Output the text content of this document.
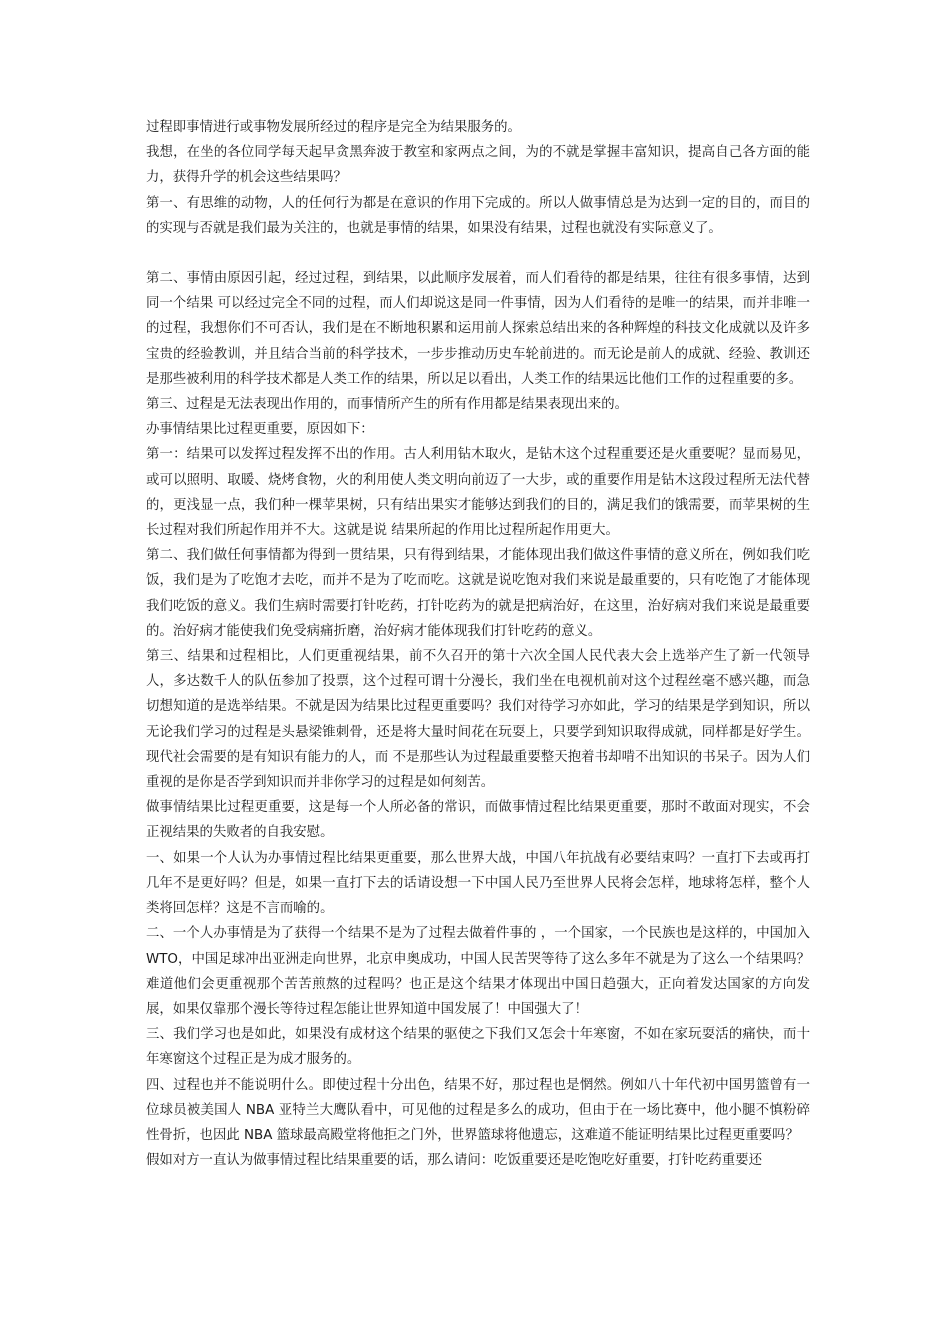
过程即事情进行或事物发展所经过的程序是完全为结果服务的。

我想，在坐的各位同学每天起早贪黑奔波于教室和家两点之间，为的不就是掌握丰富知识，提高自己各方面的能力，获得升学的机会这些结果吗？

第一、有思维的动物，人的任何行为都是在意识的作用下完成的。所以人做事情总是为达到一定的目的，而目的的实现与否就是我们最为关注的，也就是事情的结果，如果没有结果，过程也就没有实际意义了。

第二、事情由原因引起，经过过程，到结果，以此顺序发展着，而人们看待的都是结果，往往有很多事情，达到同一个结果 可以经过完全不同的过程，而人们却说这是同一件事情，因为人们看待的是唯一的结果，而并非唯一的过程，我想你们不可否认，我们是在不断地积累和运用前人探索总结出来的各种辉煌的科技文化成就以及许多宝贵的经验教训，并且结合当前的科学技术，一步步推动历史车轮前进的。而无论是前人的成就、经验、教训还是那些被利用的科学技术都是人类工作的结果，所以足以看出，人类工作的结果远比他们工作的过程重要的多。

第三、过程是无法表现出作用的，而事情所产生的所有作用都是结果表现出来的。

办事情结果比过程更重要，原因如下：

第一：结果可以发挥过程发挥不出的作用。古人利用钻木取火，是钻木这个过程重要还是火重要呢？显而易见，或可以照明、取暖、烧烤食物，火的利用使人类文明向前迈了一大步，或的重要作用是钻木这段过程所无法代替的，更浅显一点，我们种一棵苹果树，只有结出果实才能够达到我们的目的，满足我们的饿需要，而苹果树的生长过程对我们所起作用并不大。这就是说 结果所起的作用比过程所起作用更大。

第二、我们做任何事情都为得到一贯结果，只有得到结果，才能体现出我们做这件事情的意义所在，例如我们吃饭，我们是为了吃饱才去吃，而并不是为了吃而吃。这就是说吃饱对我们来说是最重要的，只有吃饱了才能体现我们吃饭的意义。我们生病时需要打针吃药，打针吃药为的就是把病治好，在这里，治好病对我们来说是最重要的。治好病才能使我们免受病痛折磨，治好病才能体现我们打针吃药的意义。

第三、结果和过程相比，人们更重视结果，前不久召开的第十六次全国人民代表大会上选举产生了新一代领导人，多达数千人的队伍参加了投票，这个过程可谓十分漫长，我们坐在电视机前对这个过程丝毫不感兴趣，而急切想知道的是选举结果。不就是因为结果比过程更重要吗？我们对待学习亦如此，学习的结果是学到知识，所以无论我们学习的过程是头悬梁锥刺骨，还是将大量时间花在玩耍上，只要学到知识取得成就，同样都是好学生。现代社会需要的是有知识有能力的人，而 不是那些认为过程最重要整天抱着书却啃不出知识的书呆子。因为人们重视的是你是否学到知识而并非你学习的过程是如何刻苦。

做事情结果比过程更重要，这是每一个人所必备的常识，而做事情过程比结果更重要，那时不敢面对现实，不会正视结果的失败者的自我安慰。

一、如果一个人认为办事情过程比结果更重要，那么世界大战，中国八年抗战有必要结束吗？一直打下去或再打几年不是更好吗？但是，如果一直打下去的话请设想一下中国人民乃至世界人民将会怎样，地球将怎样，整个人类将回怎样？这是不言而喻的。

二、一个人办事情是为了获得一个结果不是为了过程去做着件事的 ，一个国家，一个民族也是这样的，中国加入 WTO，中国足球冲出亚洲走向世界，北京申奥成功，中国人民苦哭等待了这么多年不就是为了这么一个结果吗？难道他们会更重视那个苦苦煎熬的过程吗？也正是这个结果才体现出中国日趋强大，正向着发达国家的方向发展，如果仅靠那个漫长等待过程怎能让世界知道中国发展了！中国强大了！

三、我们学习也是如此，如果没有成材这个结果的驱使之下我们又怎会十年寒窗，不如在家玩耍活的痛快，而十年寒窗这个过程正是为成才服务的。

四、过程也并不能说明什么。即使过程十分出色，结果不好，那过程也是惘然。例如八十年代初中国男篮曾有一位球员被美国人 NBA 亚特兰大鹰队看中，可见他的过程是多么的成功，但由于在一场比赛中，他小腿不慎粉碎性骨折，也因此 NBA 篮球最高殿堂将他拒之门外，世界篮球将他遗忘，这难道不能证明结果比过程更重要吗？

假如对方一直认为做事情过程比结果重要的话，那么请问：吃饭重要还是吃饱吃好重要，打针吃药重要还
